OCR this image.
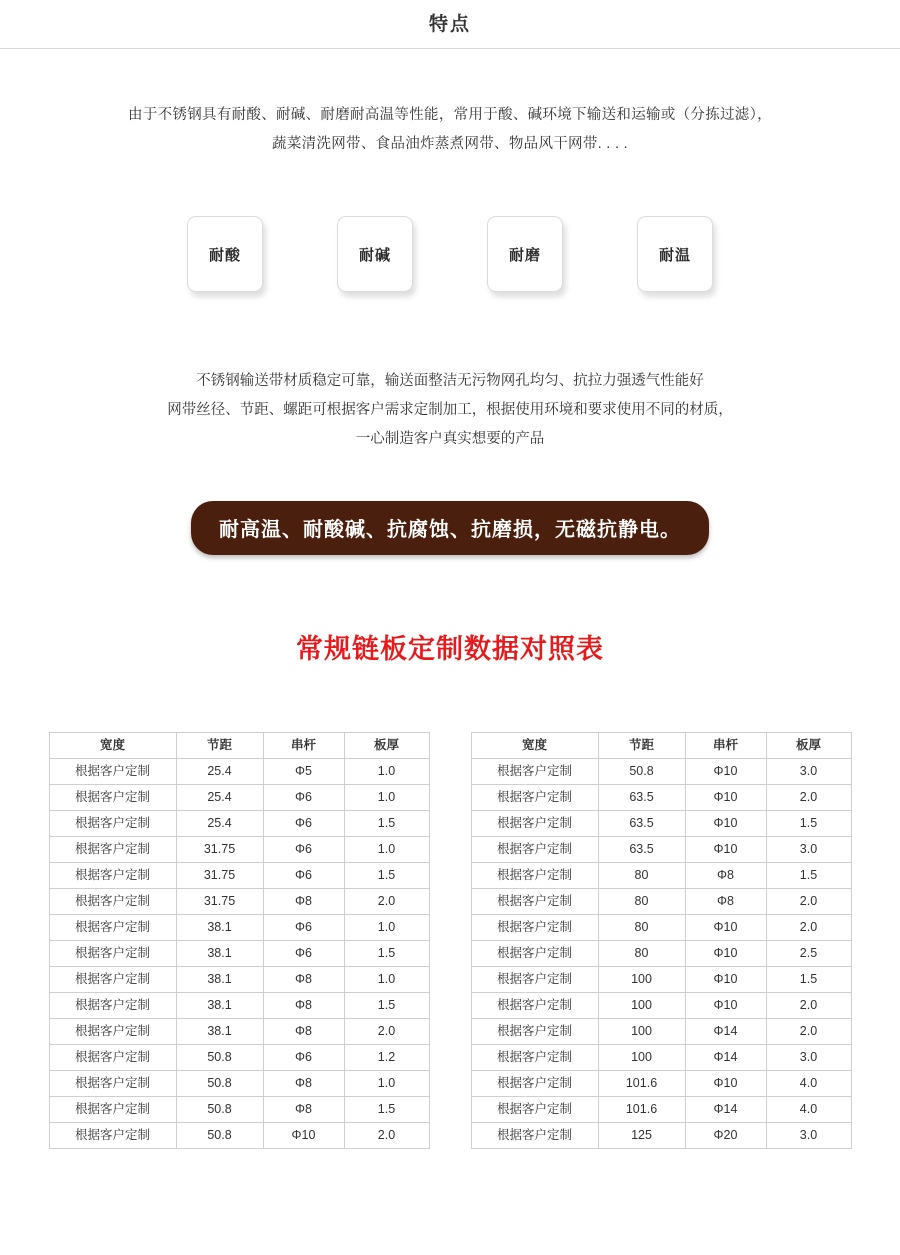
特点
由于不锈钢具有耐酸、耐碱、耐磨耐高温等性能，常用于酸、碱环境下输送和运输或（分拣过滤），
蔬菜清洗网带、食品油炸蒸煮网带、物品风干网带. . . .
耐酸	耐碱	耐磨	耐温
不锈钢输送带材质稳定可靠，输送面整洁无污物网孔均匀、抗拉力强透气性能好
网带丝径、节距、螺距可根据客户需求定制加工，根据使用环境和要求使用不同的材质，
一心制造客户真实想要的产品
耐高温、耐酸碱、抗腐蚀、抗磨损，无磁抗静电。
常规链板定制数据对照表
宽度	节距	串杆	板厚
根据客户定制	25.4	Φ5	1.0
根据客户定制	25.4	Φ6	1.0
根据客户定制	25.4	Φ6	1.5
根据客户定制	31.75	Φ6	1.0
根据客户定制	31.75	Φ6	1.5
根据客户定制	31.75	Φ8	2.0
根据客户定制	38.1	Φ6	1.0
根据客户定制	38.1	Φ6	1.5
根据客户定制	38.1	Φ8	1.0
根据客户定制	38.1	Φ8	1.5
根据客户定制	38.1	Φ8	2.0
根据客户定制	50.8	Φ6	1.2
根据客户定制	50.8	Φ8	1.0
根据客户定制	50.8	Φ8	1.5
根据客户定制	50.8	Φ10	2.0
宽度	节距	串杆	板厚
根据客户定制	50.8	Φ10	3.0
根据客户定制	63.5	Φ10	2.0
根据客户定制	63.5	Φ10	1.5
根据客户定制	63.5	Φ10	3.0
根据客户定制	80	Φ8	1.5
根据客户定制	80	Φ8	2.0
根据客户定制	80	Φ10	2.0
根据客户定制	80	Φ10	2.5
根据客户定制	100	Φ10	1.5
根据客户定制	100	Φ10	2.0
根据客户定制	100	Φ14	2.0
根据客户定制	100	Φ14	3.0
根据客户定制	101.6	Φ10	4.0
根据客户定制	101.6	Φ14	4.0
根据客户定制	125	Φ20	3.0
